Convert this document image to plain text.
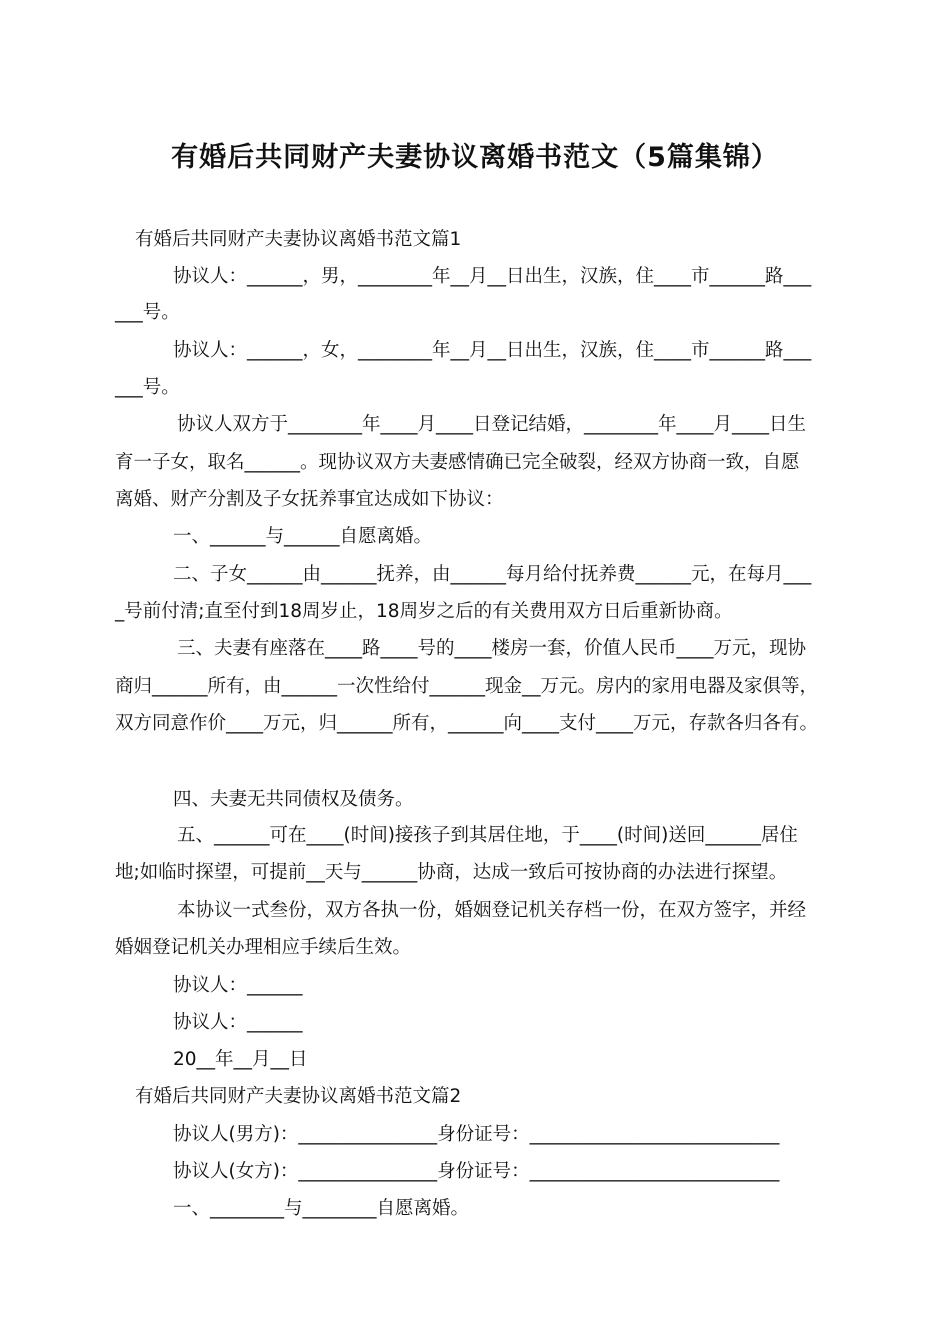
有婚后共同财产夫妻协议离婚书范文（5篇集锦）

有婚后共同财产夫妻协议离婚书范文篇1

协议人：______，男，________年__月__日出生，汉族，住____市______路___

___号。

协议人：______，女，________年__月__日出生，汉族，住____市______路___

___号。

协议人双方于________年____月____日登记结婚，________年____月____日生

育一子女，取名______。现协议双方夫妻感情确已完全破裂，经双方协商一致，自愿

离婚、财产分割及子女抚养事宜达成如下协议：

一、______与______自愿离婚。

二、子女______由______抚养，由______每月给付抚养费______元，在每月___

_号前付清;直至付到18周岁止，18周岁之后的有关费用双方日后重新协商。

三、夫妻有座落在____路____号的____楼房一套，价值人民币____万元，现协

商归______所有，由______一次性给付______现金__万元。房内的家用电器及家俱等，

双方同意作价____万元，归______所有，______向____支付____万元，存款各归各有。

四、夫妻无共同债权及债务。

五、______可在____(时间)接孩子到其居住地，于____(时间)送回______居住

地;如临时探望，可提前__天与______协商，达成一致后可按协商的办法进行探望。

本协议一式叁份，双方各执一份，婚姻登记机关存档一份，在双方签字，并经

婚姻登记机关办理相应手续后生效。

协议人：______

协议人：______

20__年__月__日

有婚后共同财产夫妻协议离婚书范文篇2

协议人(男方)：_______________身份证号：___________________________

协议人(女方)：_______________身份证号：___________________________

一、________与________自愿离婚。
